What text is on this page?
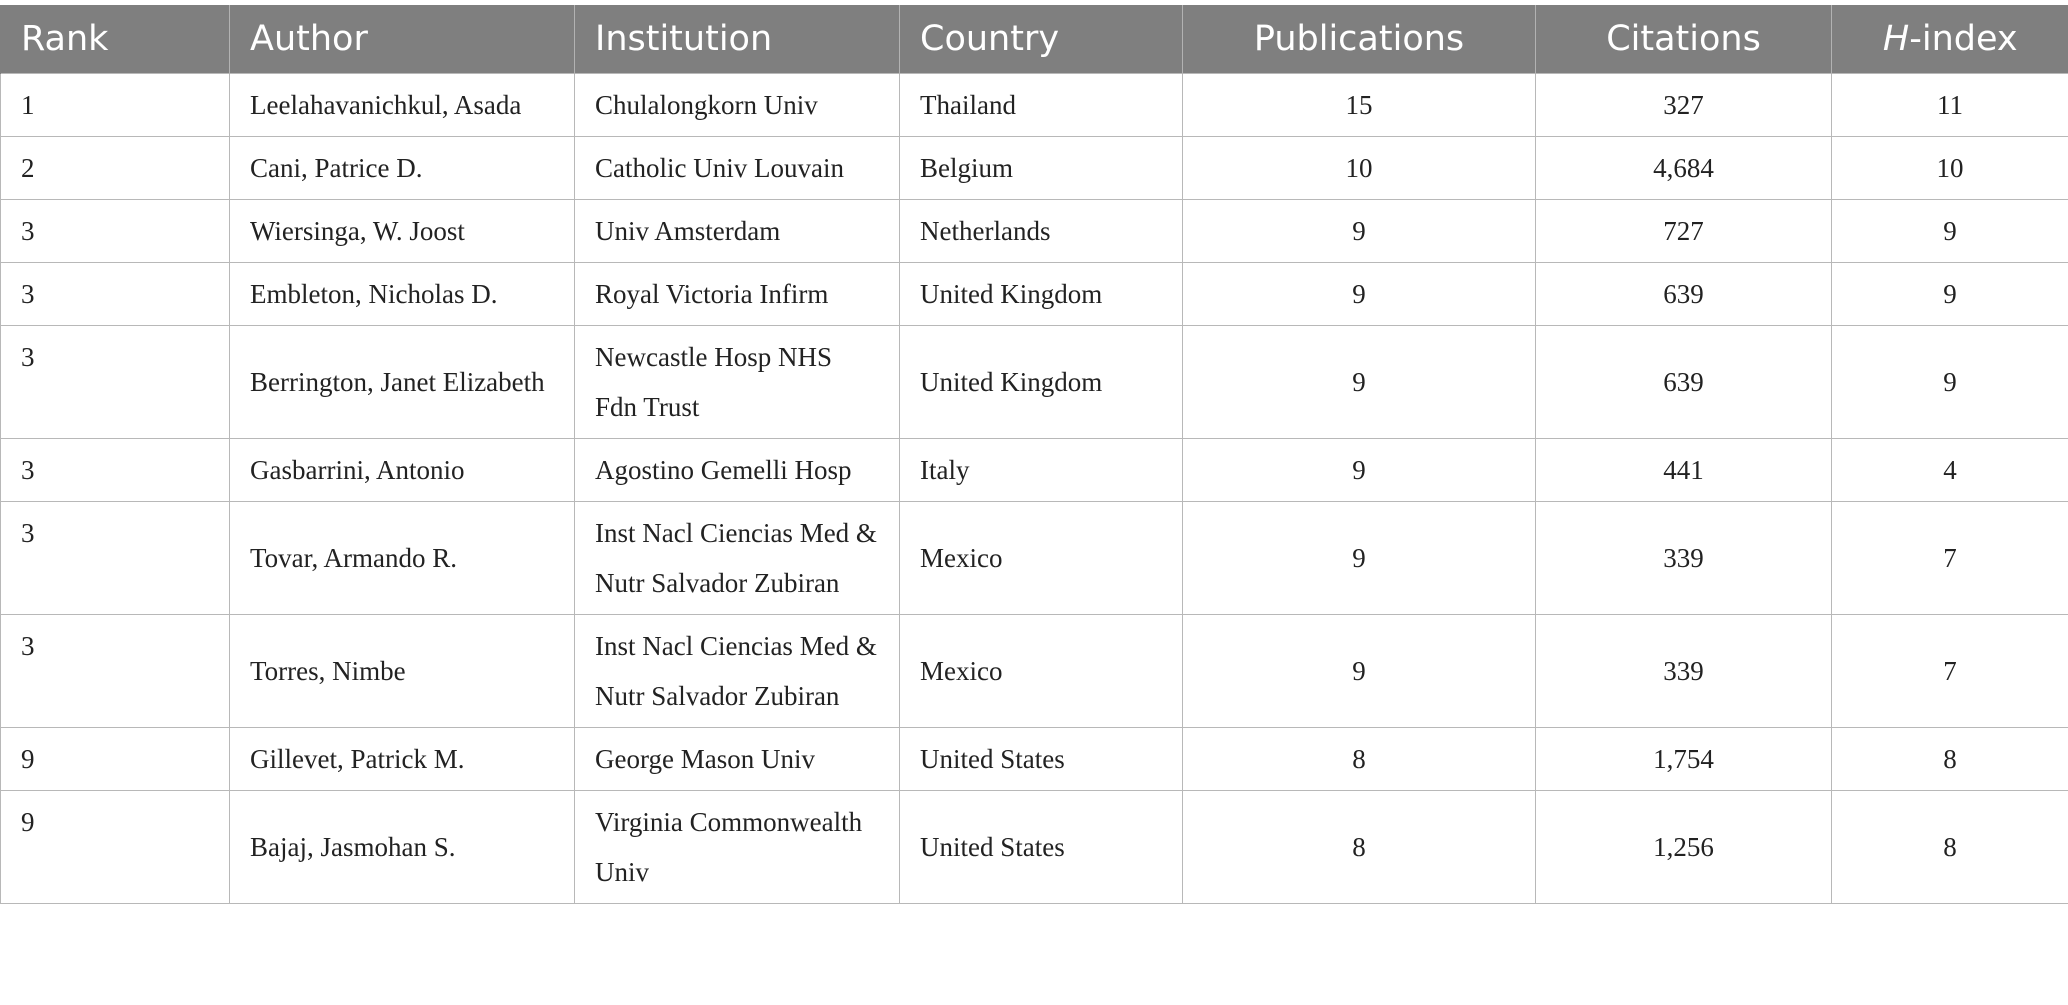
Rank	Author	Institution	Country	Publications	Citations	H-index
1	Leelahavanichkul, Asada	Chulalongkorn Univ	Thailand	15	327	11
2	Cani, Patrice D.	Catholic Univ Louvain	Belgium	10	4,684	10
3	Wiersinga, W. Joost	Univ Amsterdam	Netherlands	9	727	9
3	Embleton, Nicholas D.	Royal Victoria Infirm	United Kingdom	9	639	9
3	Berrington, Janet Elizabeth	Newcastle Hosp NHS Fdn Trust	United Kingdom	9	639	9
3	Gasbarrini, Antonio	Agostino Gemelli Hosp	Italy	9	441	4
3	Tovar, Armando R.	Inst Nacl Ciencias Med & Nutr Salvador Zubiran	Mexico	9	339	7
3	Torres, Nimbe	Inst Nacl Ciencias Med & Nutr Salvador Zubiran	Mexico	9	339	7
9	Gillevet, Patrick M.	George Mason Univ	United States	8	1,754	8
9	Bajaj, Jasmohan S.	Virginia Commonwealth Univ	United States	8	1,256	8
